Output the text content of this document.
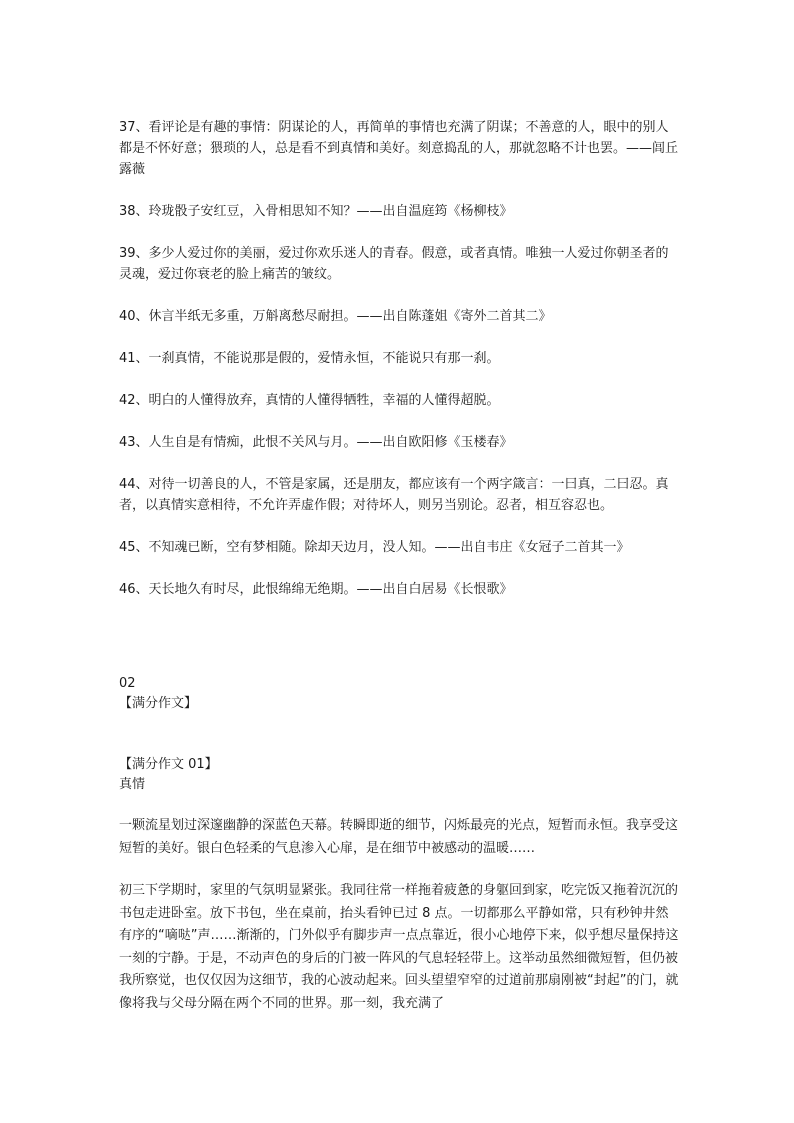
37、看评论是有趣的事情：阴谋论的人，再简单的事情也充满了阴谋；不善意的人，眼中的别人都是不怀好意；猥琐的人，总是看不到真情和美好。刻意捣乱的人，那就忽略不计也罢。——闾丘露薇

38、玲珑骰子安红豆，入骨相思知不知？——出自温庭筠《杨柳枝》

39、多少人爱过你的美丽，爱过你欢乐迷人的青春。假意，或者真情。唯独一人爱过你朝圣者的灵魂，爱过你衰老的脸上痛苦的皱纹。

40、休言半纸无多重，万斛离愁尽耐担。——出自陈蓬姐《寄外二首其二》

41、一刹真情，不能说那是假的，爱情永恒，不能说只有那一刹。

42、明白的人懂得放弃，真情的人懂得牺牲，幸福的人懂得超脱。

43、人生自是有情痴，此恨不关风与月。——出自欧阳修《玉楼春》

44、对待一切善良的人，不管是家属，还是朋友，都应该有一个两字箴言：一曰真，二曰忍。真者，以真情实意相待，不允许弄虚作假；对待坏人，则另当别论。忍者，相互容忍也。

45、不知魂已断，空有梦相随。除却天边月，没人知。——出自韦庄《女冠子二首其一》

46、天长地久有时尽，此恨绵绵无绝期。——出自白居易《长恨歌》

02
【满分作文】
【满分作文 01】
真情

一颗流星划过深邃幽静的深蓝色天幕。转瞬即逝的细节，闪烁最亮的光点，短暂而永恒。我享受这短暂的美好。银白色轻柔的气息渗入心扉，是在细节中被感动的温暖……

初三下学期时，家里的气氛明显紧张。我同往常一样拖着疲惫的身躯回到家，吃完饭又拖着沉沉的书包走进卧室。放下书包，坐在桌前，抬头看钟已过 8 点。一切都那么平静如常，只有秒钟井然有序的“嘀哒”声……渐渐的，门外似乎有脚步声一点点靠近，很小心地停下来，似乎想尽量保持这一刻的宁静。于是，不动声色的身后的门被一阵风的气息轻轻带上。这举动虽然细微短暂，但仍被我所察觉，也仅仅因为这细节，我的心波动起来。回头望望窄窄的过道前那扇刚被“封起”的门，就像将我与父母分隔在两个不同的世界。那一刻，我充满了
